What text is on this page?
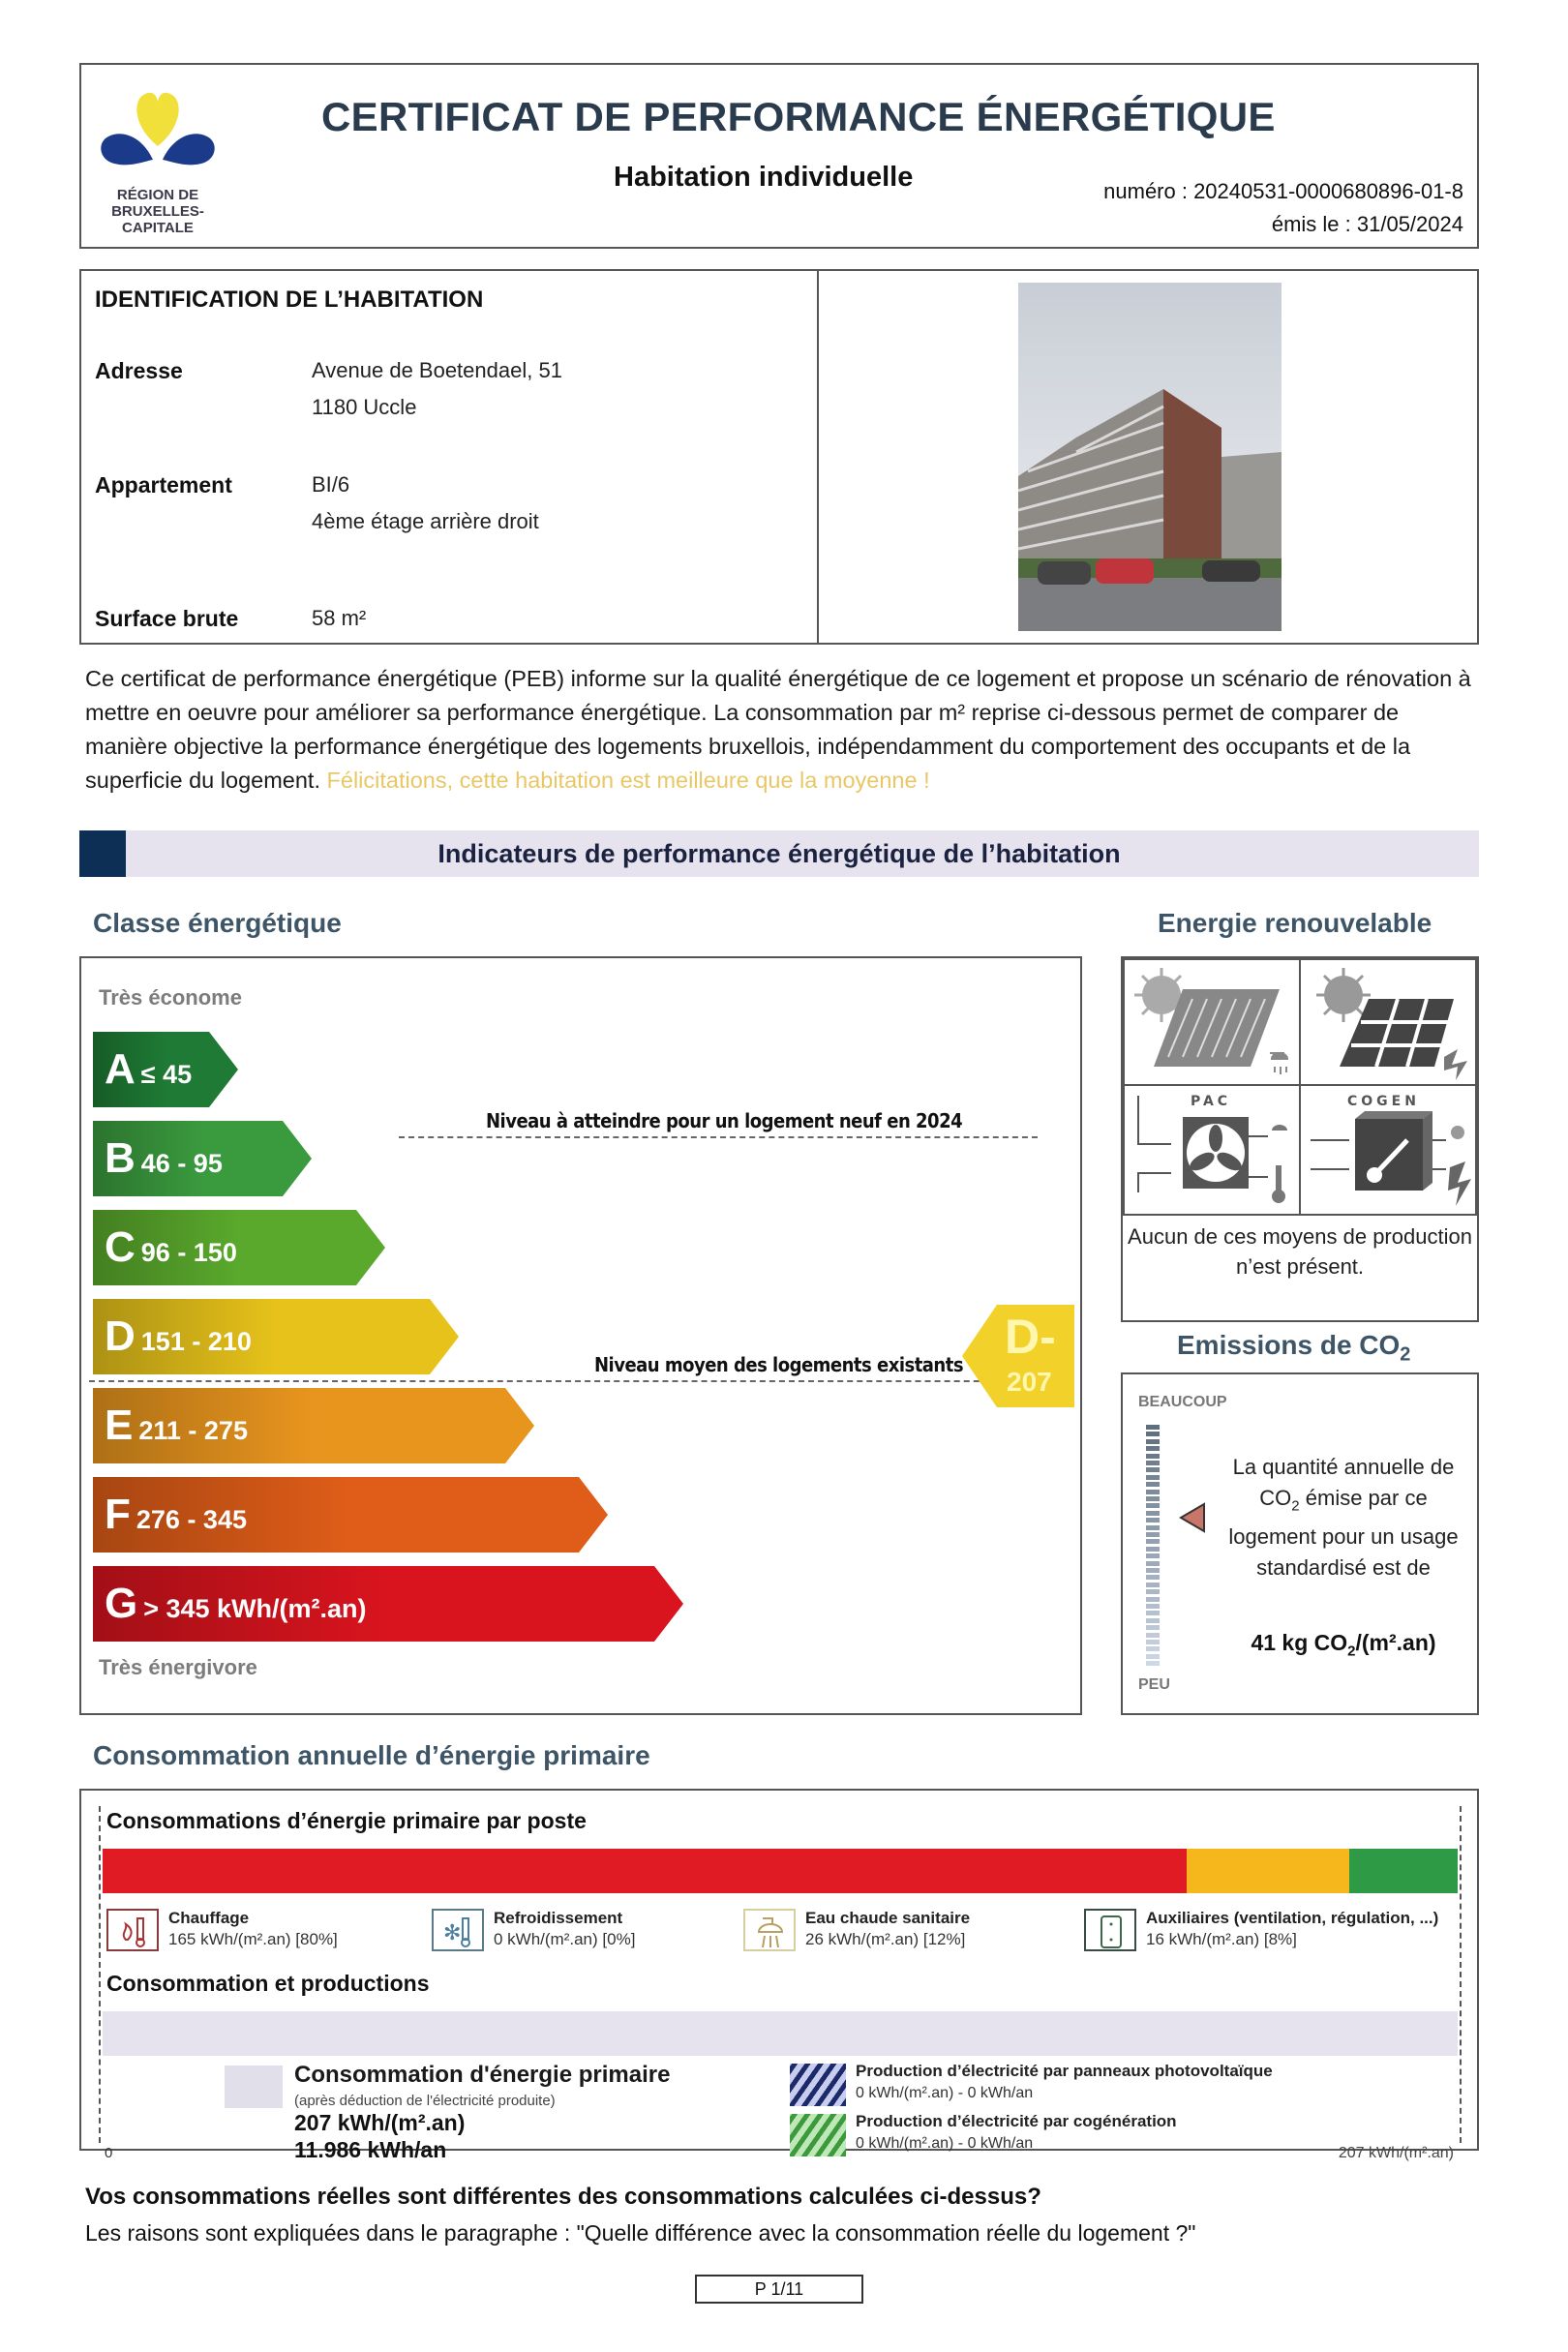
RÉGION DE
BRUXELLES-
CAPITALE
CERTIFICAT DE PERFORMANCE ÉNERGÉTIQUE
Habitation individuelle	numéro : 20240531-0000680896-01-8
émis le : 31/05/2024
IDENTIFICATION DE L’HABITATION
Adresse	Avenue de Boetendael, 51
1180 Uccle
Appartement	BI/6
4ème étage arrière droit
Surface brute	58 m²
Ce certificat de performance énergétique (PEB) informe sur la qualité énergétique de ce logement et propose un scénario de rénovation à mettre en oeuvre pour améliorer sa performance énergétique. La consommation par m² reprise ci-dessous permet de comparer de manière objective la performance énergétique des logements bruxellois, indépendamment du comportement des occupants et de la superficie du logement. Félicitations, cette habitation est meilleure que la moyenne !
Indicateurs de performance énergétique de l’habitation
Classe énergétique	Energie renouvelable
Très économe
A ≤ 45
B 46 - 95
C 96 - 150
D 151 - 210
E 211 - 275
F 276 - 345
G > 345 kWh/(m².an)
Niveau à atteindre pour un logement neuf en 2024
Niveau moyen des logements existants
D-
207
Très énergivore
PAC	COGEN
Aucun de ces moyens de production n’est présent.
Emissions de $CO_2$
BEAUCOUP
La quantité annuelle de $CO_2$ émise par ce logement pour un usage standardisé est de
41 kg $CO_2/(m^2.an)$
PEU
Consommation annuelle d’énergie primaire
Consommations d’énergie primaire par poste
Chauffage
165 kWh/(m².an) [80%]	✻
Refroidissement
0 kWh/(m².an) [0%]
Eau chaude sanitaire
26 kWh/(m².an) [12%]
Auxiliaires (ventilation, régulation, ...)
16 kWh/(m².an) [8%]
Consommation et productions
Consommation d'énergie primaire
(après déduction de l'électricité produite)
207 kWh/(m².an)
11.986 kWh/an
0
Production d’électricité par panneaux photovoltaïque
0 kWh/(m².an) - 0 kWh/an
Production d’électricité par cogénération
0 kWh/(m².an) - 0 kWh/an
207 kWh/(m².an)
Vos consommations réelles sont différentes des consommations calculées ci-dessus?
Les raisons sont expliquées dans le paragraphe : "Quelle différence avec la consommation réelle du logement ?"
P 1/11
